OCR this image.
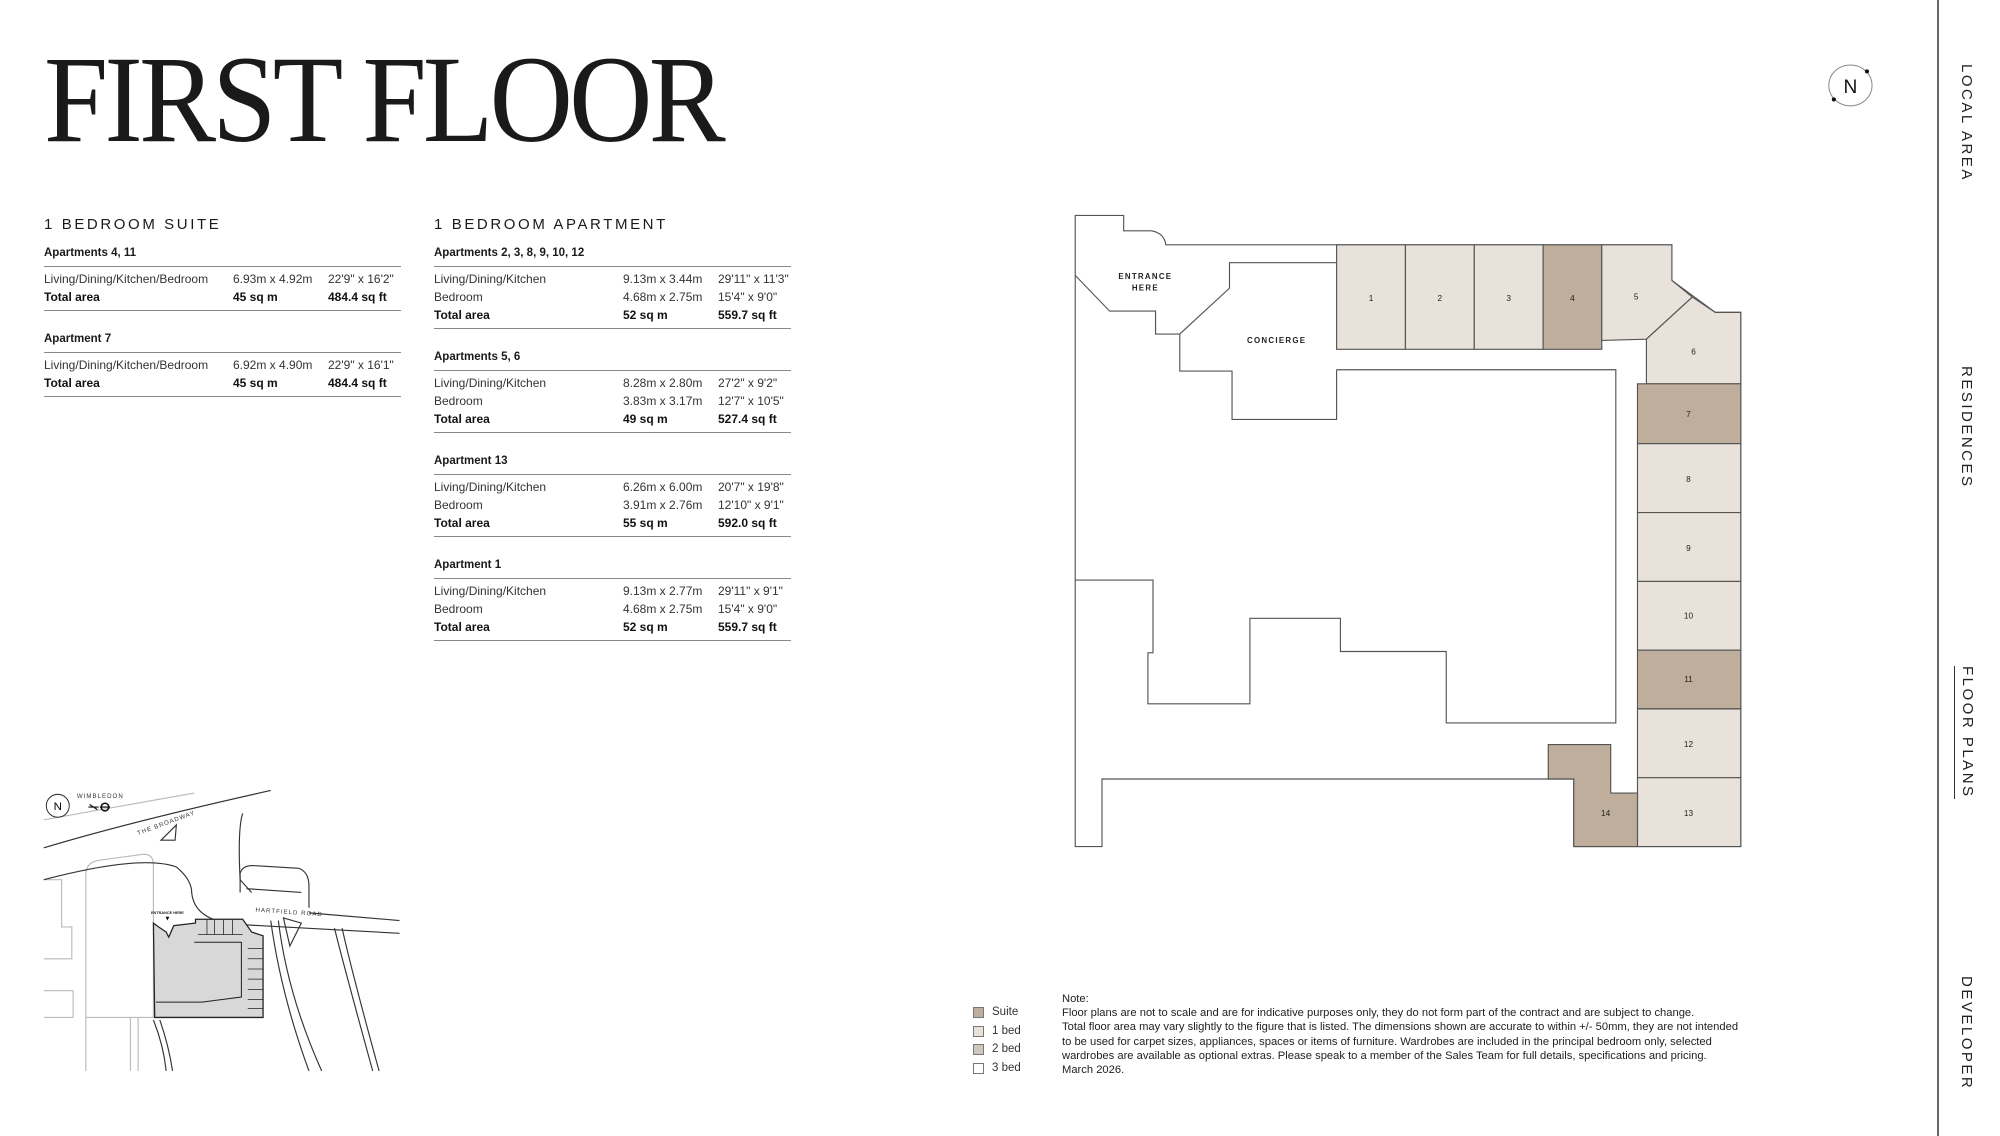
FIRST FLOOR
1 BEDROOM SUITE
Apartments 4, 11
Living/Dining/Kitchen/Bedroom	6.93m x 4.92m	22'9" x 16'2"
Total area	45 sq m	484.4 sq ft
Apartment 7
Living/Dining/Kitchen/Bedroom	6.92m x 4.90m	22'9" x 16'1"
Total area	45 sq m	484.4 sq ft
1 BEDROOM APARTMENT
Apartments 2, 3, 8, 9, 10, 12
Living/Dining/Kitchen	9.13m x 3.44m	29'11" x 11'3"
Bedroom	4.68m x 2.75m	15'4" x 9'0"
Total area	52 sq m	559.7 sq ft
Apartments 5, 6
Living/Dining/Kitchen	8.28m x 2.80m	27'2" x 9'2"
Bedroom	3.83m x 3.17m	12'7" x 10'5"
Total area	49 sq m	527.4 sq ft
Apartment 13
Living/Dining/Kitchen	6.26m x 6.00m	20'7" x 19'8"
Bedroom	3.91m x 2.76m	12'10" x 9'1"
Total area	55 sq m	592.0 sq ft
Apartment 1
Living/Dining/Kitchen	9.13m x 2.77m	29'11" x 9'1"
Bedroom	4.68m x 2.75m	15'4" x 9'0"
Total area	52 sq m	559.7 sq ft
1	2	3	4	5
6
7
8
9
10
11
12
13
14
ENTRANCE
HERE
CONCIERGE
N
N
WIMBLEDON
THE BROADWAY
HARTFIELD ROAD
ENTRANCE HERE
Suite
1 bed
2 bed
3 bed
Note:
Floor plans are not to scale and are for indicative purposes only, they do not form part of the contract and are subject to change.
Total floor area may vary slightly to the figure that is listed. The dimensions shown are accurate to within +/- 50mm, they are not intended
to be used for carpet sizes, appliances, spaces or items of furniture. Wardrobes are included in the principal bedroom only, selected
wardrobes are available as optional extras. Please speak to a member of the Sales Team for full details, specifications and pricing.
March 2026.
LOCAL AREA
RESIDENCES
FLOOR PLANS
DEVELOPER
